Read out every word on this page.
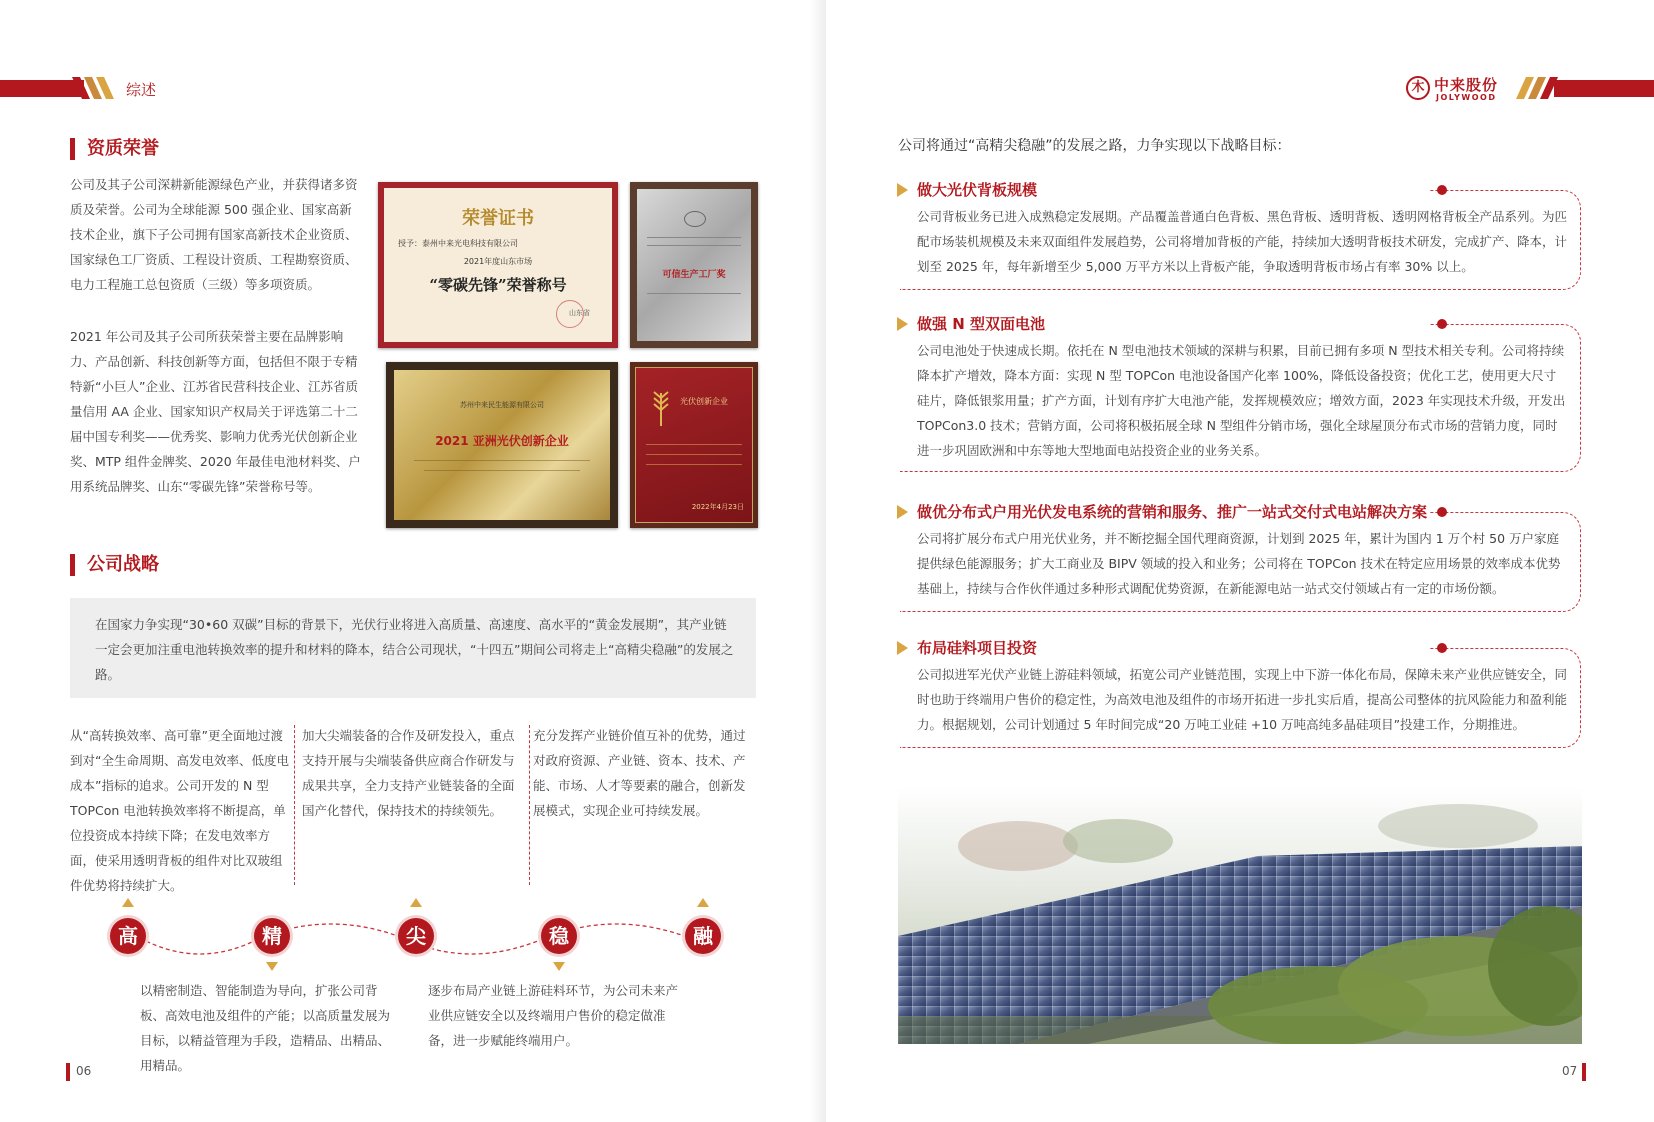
综述
资质荣誉
公司及其子公司深耕新能源绿色产业，并获得诸多资质及荣誉。公司为全球能源 500 强企业、国家高新技术企业，旗下子公司拥有国家高新技术企业资质、国家绿色工厂资质、工程设计资质、工程勘察资质、电力工程施工总包资质（三级）等多项资质。
2021 年公司及其子公司所获荣誉主要在品牌影响力、产品创新、科技创新等方面，包括但不限于专精特新“小巨人”企业、江苏省民营科技企业、江苏省质量信用 AA 企业、国家知识产权局关于评选第二十二届中国专利奖——优秀奖、影响力优秀光伏创新企业奖、MTP 组件金牌奖、2020 年最佳电池材料奖、户用系统品牌奖、山东“零碳先锋”荣誉称号等。
荣誉证书
授予：泰州中来光电科技有限公司
2021年度山东市场
“零碳先锋”荣誉称号
山东省
可信生产工厂奖
苏州中来民生能源有限公司
2021 亚洲光伏创新企业
光伏创新企业
2022年4月23日
公司战略
在国家力争实现“30•60 双碳”目标的背景下，光伏行业将进入高质量、高速度、高水平的“黄金发展期”，其产业链一定会更加注重电池转换效率的提升和材料的降本，结合公司现状，“十四五”期间公司将走上“高精尖稳融”的发展之路。
从“高转换效率、高可靠”更全面地过渡到对“全生命周期、高发电效率、低度电成本”指标的追求。公司开发的 N 型 TOPCon 电池转换效率将不断提高，单位投资成本持续下降；在发电效率方面，使采用透明背板的组件对比双玻组件优势将持续扩大。
加大尖端装备的合作及研发投入，重点支持开展与尖端装备供应商合作研发与成果共享，全力支持产业链装备的全面国产化替代，保持技术的持续领先。
充分发挥产业链价值互补的优势，通过对政府资源、产业链、资本、技术、产能、市场、人才等要素的融合，创新发展模式，实现企业可持续发展。
高	精	尖	稳	融
以精密制造、智能制造为导向，扩张公司背板、高效电池及组件的产能；以高质量发展为目标，以精益管理为手段，造精品、出精品、用精品。
逐步布局产业链上游硅料环节，为公司未来产业供应链安全以及终端用户售价的稳定做准备，进一步赋能终端用户。
06
木 中来股份
JOLYWOOD
公司将通过“高精尖稳融”的发展之路，力争实现以下战略目标：
做大光伏背板规模
公司背板业务已进入成熟稳定发展期。产品覆盖普通白色背板、黑色背板、透明背板、透明网格背板全产品系列。为匹配市场装机规模及未来双面组件发展趋势，公司将增加背板的产能，持续加大透明背板技术研发，完成扩产、降本，计划至 2025 年，每年新增至少 5,000 万平方米以上背板产能，争取透明背板市场占有率 30% 以上。
做强 N 型双面电池
公司电池处于快速成长期。依托在 N 型电池技术领域的深耕与积累，目前已拥有多项 N 型技术相关专利。公司将持续降本扩产增效，降本方面：实现 N 型 TOPCon 电池设备国产化率 100%，降低设备投资；优化工艺，使用更大尺寸硅片，降低银浆用量；扩产方面，计划有序扩大电池产能，发挥规模效应；增效方面，2023 年实现技术升级，开发出 TOPCon3.0 技术；营销方面，公司将积极拓展全球 N 型组件分销市场，强化全球屋顶分布式市场的营销力度，同时进一步巩固欧洲和中东等地大型地面电站投资企业的业务关系。
做优分布式户用光伏发电系统的营销和服务、推广一站式交付式电站解决方案
公司将扩展分布式户用光伏业务，并不断挖掘全国代理商资源，计划到 2025 年，累计为国内 1 万个村 50 万户家庭提供绿色能源服务；扩大工商业及 BIPV 领域的投入和业务；公司将在 TOPCon 技术在特定应用场景的效率成本优势基础上，持续与合作伙伴通过多种形式调配优势资源，在新能源电站一站式交付领域占有一定的市场份额。
布局硅料项目投资
公司拟进军光伏产业链上游硅料领域，拓宽公司产业链范围，实现上中下游一体化布局，保障未来产业供应链安全，同时也助于终端用户售价的稳定性，为高效电池及组件的市场开拓进一步扎实后盾，提高公司整体的抗风险能力和盈利能力。根据规划，公司计划通过 5 年时间完成“20 万吨工业硅 +10 万吨高纯多晶硅项目”投建工作，分期推进。
07
